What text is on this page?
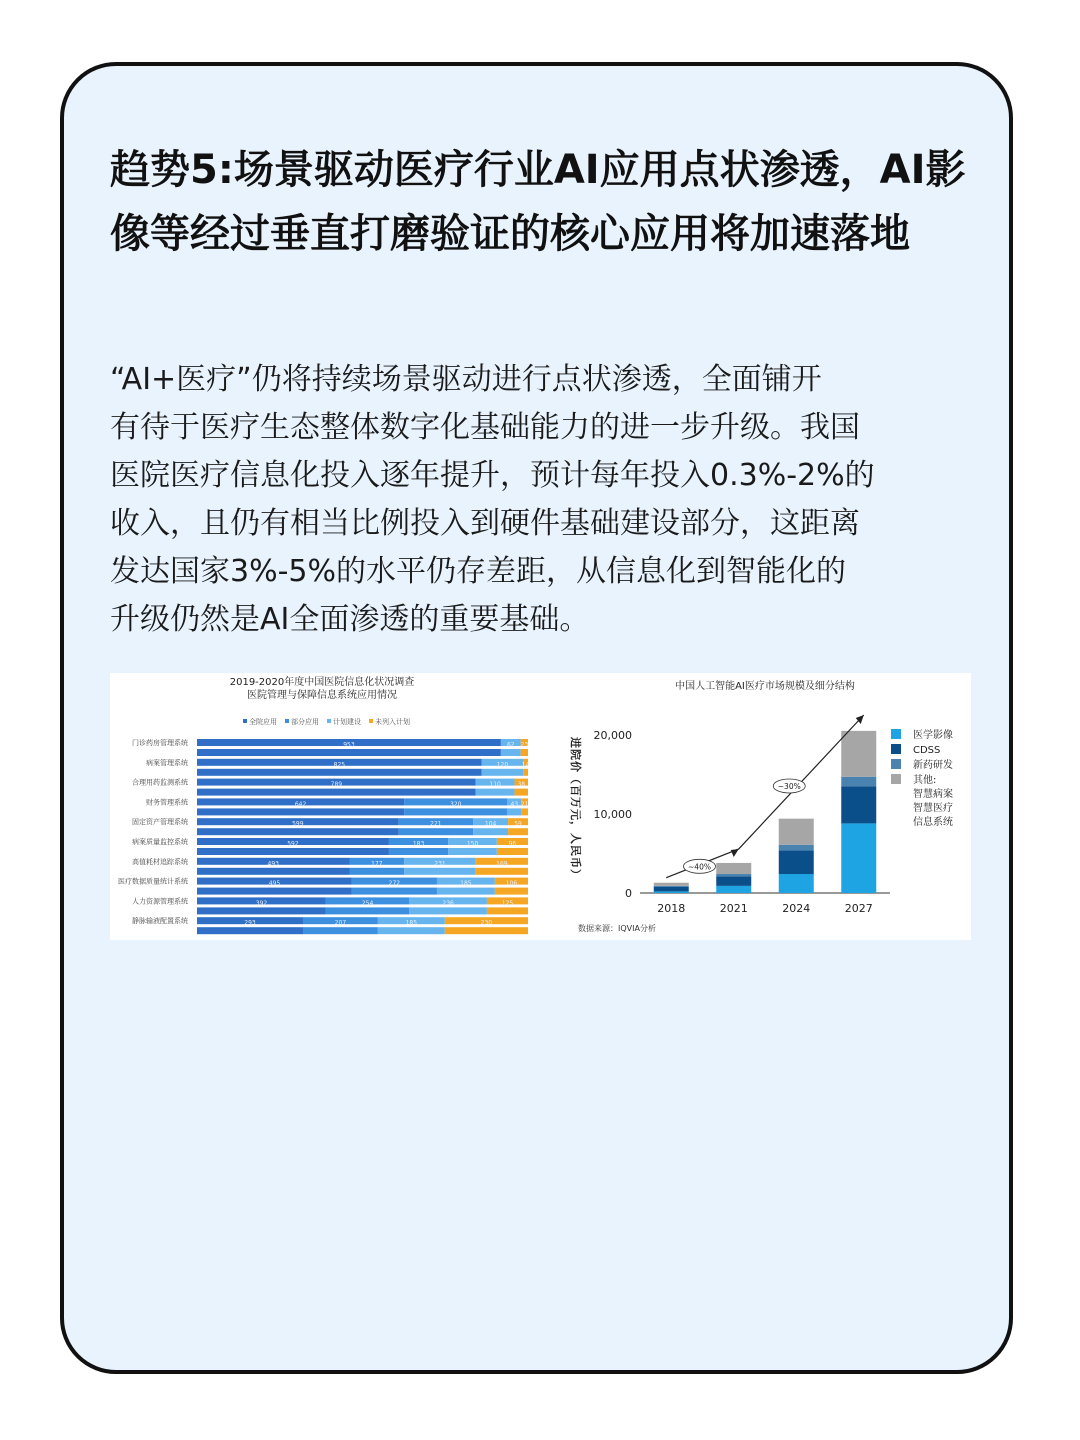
趋势5:场景驱动医疗行业AI应用点状渗透，AI影像等经过垂直打磨验证的核心应用将加速落地
“AI+医疗”仍将持续场景驱动进行点状渗透，全面铺开
有待于医疗生态整体数字化基础能力的进一步升级。我国
医院医疗信息化投入逐年提升，预计每年投入0.3%-2%的
收入，且仍有相当比例投入到硬件基础建设部分，这距离
发达国家3%-5%的水平仍存差距，从信息化到智能化的
升级仍然是AI全面渗透的重要基础。
2019-2020年度中国医院信息化状况调查
医院管理与保障信息系统应用情况
全院应用 部分应用 计划建设 未列入计划
门诊药房管理系统	953	62 23
病案管理系统	825	120 14
合理用药监测系统	789	110	38
财务管理系统	642	320	43 21
固定资产管理系统	599	221	104	59
病案质量监控系统	592	183	150	96
高值耗材追踪系统	493	177	231	169
医疗数据质量统计系统	495	272	185	106
人力资源管理系统	392	254	236	125
静脉输液配置系统	293	207	185	230
中国人工智能AI医疗市场规模及细分结构
进院价（百万元，人民币）
0
10,000
20,000
2018	2021	2024	2027
~40%
~30%
医学影像
CDSS
新药研发
其他:
智慧病案
智慧医疗
信息系统
数据来源：IQVIA分析
